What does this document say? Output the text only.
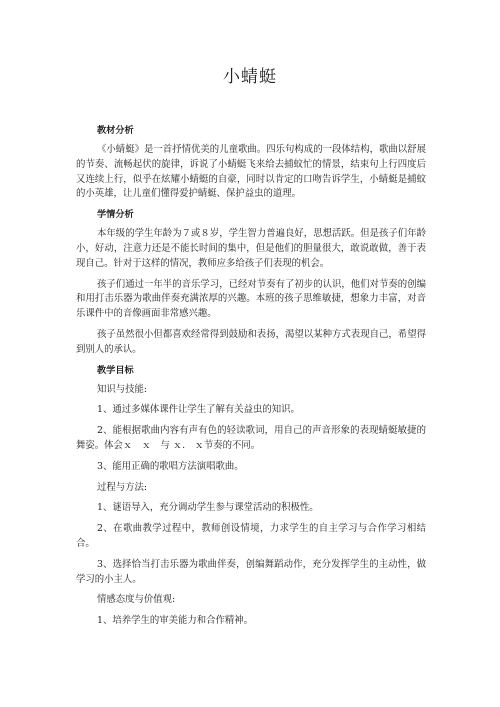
小蜻蜓
教材分析

《小蜻蜓》是一首抒情优美的儿童歌曲。四乐句构成的一段体结构，歌曲以舒展的节奏、流畅起伏的旋律，诉说了小蜻蜓飞来给去捕蚊忙的情景，结束句上行四度后又连续上行，似乎在炫耀小蜻蜓的自豪，同时以肯定的口吻告诉学生，小蜻蜓是捕蚊的小英雄，让儿童们懂得爱护蜻蜓、保护益虫的道理。

学情分析

本年级的学生年龄为７或８岁，学生智力普遍良好，思想活跃。但是孩子们年龄小，好动，注意力还是不能长时间的集中，但是他们的胆量很大，敢说敢做，善于表现自己。针对于这样的情况，教师应多给孩子们表现的机会。

孩子们通过一年半的音乐学习，已经对节奏有了初步的认识，他们对节奏的创编和用打击乐器为歌曲伴奏充满浓厚的兴趣。本班的孩子思维敏捷，想象力丰富，对音乐课件中的音像画面非常感兴趣。

孩子虽然很小但都喜欢经常得到鼓励和表扬，渴望以某种方式表现自己，希望得到别人的承认。

教学目标

知识与技能:

1、通过多媒体课件让学生了解有关益虫的知识。

2、能根据歌曲内容有声有色的轻读歌词，用自己的声音形象的表现蜻蜓敏捷的舞姿。体会ｘ　ｘ　与 ｘ.　ｘ节奏的不同。

3、能用正确的歌唱方法演唱歌曲。

过程与方法:

1、谜语导入，充分调动学生参与课堂活动的积极性。

2、在歌曲教学过程中，教师创设情境，力求学生的自主学习与合作学习相结合。

3、选择恰当打击乐器为歌曲伴奏，创编舞蹈动作，充分发挥学生的主动性，做学习的小主人。

情感态度与价值观:

1、培养学生的审美能力和合作精神。
